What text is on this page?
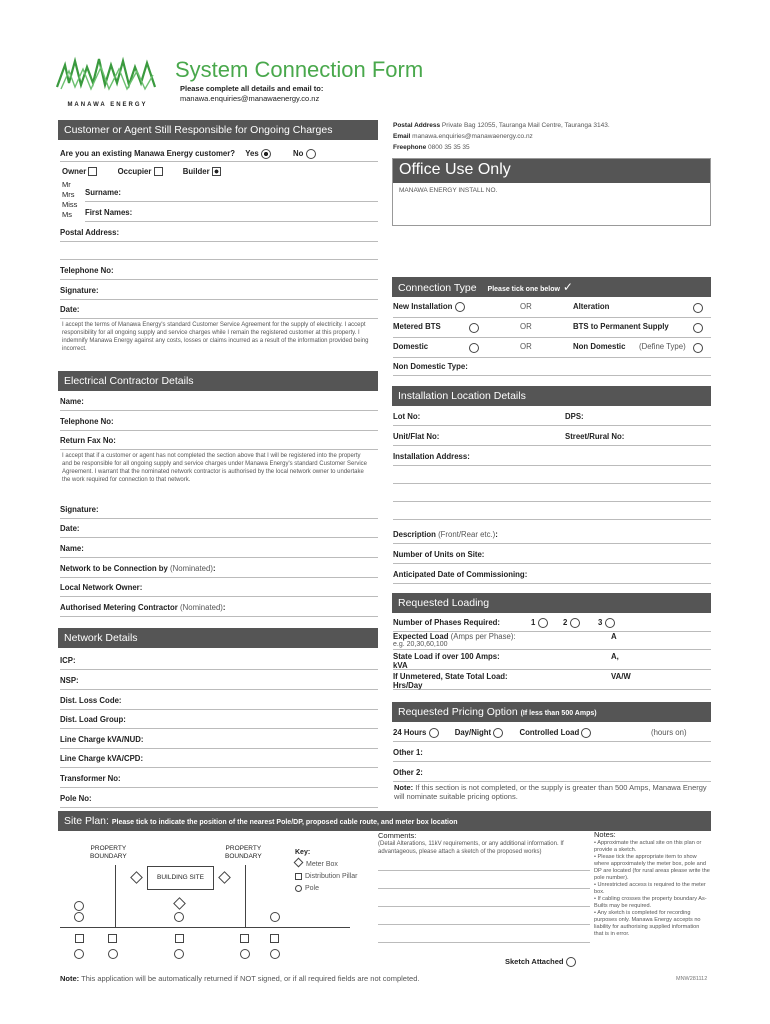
MANAWA ENERGY
System Connection Form
Please complete all details and email to:
manawa.enquiries@manawaenergy.co.nz
Postal Address Private Bag 12055, Tauranga Mail Centre, Tauranga 3143.
Email manawa.enquiries@manawaenergy.co.nz
Freephone 0800 35 35 35
Office Use Only
MANAWA ENERGY INSTALL NO.
Customer or Agent Still Responsible for Ongoing Charges
Are you an existing Manawa Energy customer? Yes	No
Owner	Occupier	Builder
Mr
Mrs
Miss
Ms
Surname:
First Names:
Postal Address:
Telephone No:
Signature:
Date:
I accept the terms of Manawa Energy's standard Customer Service Agreement for the supply of electricity. I accept responsibility for all ongoing supply and service charges while I remain the registered customer at this property. I indemnify Manawa Energy against any costs, losses or claims incurred as a result of the information provided being incorrect.
Electrical Contractor Details
Name:
Telephone No:
Return Fax No:
I accept that if a customer or agent has not completed the section above that I will be registered into the property and be responsible for all ongoing supply and service charges under Manawa Energy's standard Customer Service Agreement. I warrant that the nominated network contractor is authorised by the local network owner to undertake the work required for connection to that network.
Signature:
Date:
Name:
Network to be Connection by (Nominated):
Local Network Owner:
Authorised Metering Contractor (Nominated):
Network Details
ICP:
NSP:
Dist. Loss Code:
Dist. Load Group:
Line Charge kVA/NUD:
Line Charge kVA/CPD:
Transformer No:
Pole No:
Connection Type Please tick one below ✓
New Installation	OR	Alteration
Metered BTS	OR	BTS to Permanent Supply
Domestic	OR	Non Domestic (Define Type)
Non Domestic Type:
Installation Location Details
Lot No:	DPS:
Unit/Flat No:	Street/Rural No:
Installation Address:
Description (Front/Rear etc.):
Number of Units on Site:
Anticipated Date of Commissioning:
Requested Loading
Number of Phases Required:	1	2	3
Expected Load (Amps per Phase):	A
e.g. 20,30,60,100
State Load if over 100 Amps:	A,
kVA
If Unmetered, State Total Load:	VA/W
Hrs/Day
Requested Pricing Option (If less than 500 Amps)
24 Hours	Day/Night	Controlled Load	(hours on)
Other 1:
Other 2:
Note: If this section is not completed, or the supply is greater than 500 Amps, Manawa Energy will nominate suitable pricing options.
Site Plan: Please tick to indicate the position of the nearest Pole/DP, proposed cable route, and meter box location
PROPERTY
BOUNDARY
PROPERTY
BOUNDARY
BUILDING SITE
Key:
Meter Box
Distribution Pillar
Pole
Comments:
(Detail Alterations, 11kV requirements, or any additional information. If advantageous, please attach a sketch of the proposed works)
Sketch Attached
Notes:
• Approximate the actual site on this plan or provide a sketch.
• Please tick the appropriate item to show where approximately the meter box, pole and DP are located (for rural areas please write the pole number).
• Unrestricted access is required to the meter box.
• If cabling crosses the property boundary As-Builts may be required.
• Any sketch is completed for recording purposes only. Manawa Energy accepts no liability for authorising supplied information that is in error.
Note: This application will be automatically returned if NOT signed, or if all required fields are not completed.	MNW281112
